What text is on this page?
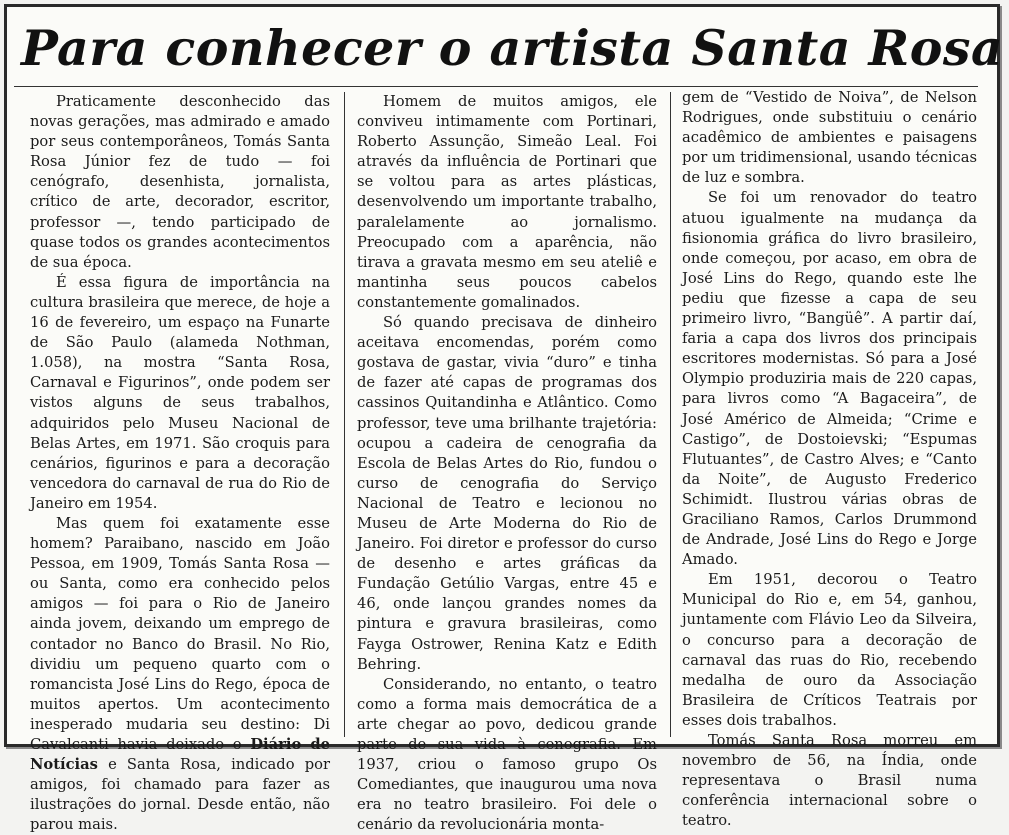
Para conhecer o artista Santa Rosa

Praticamente desconhecido das novas gerações, mas admirado e amado por seus contemporâneos, Tomás Santa Rosa Júnior fez de tudo — foi cenógrafo, desenhista, jornalista, crítico de arte, decorador, escritor, professor —, tendo participado de quase todos os grandes acontecimentos de sua época.

É essa figura de importância na cultura brasileira que merece, de hoje a 16 de fevereiro, um espaço na Funarte de São Paulo (alameda Nothman, 1.058), na mostra “Santa Rosa, Carnaval e Figurinos”, onde podem ser vistos alguns de seus trabalhos, adquiridos pelo Museu Nacional de Belas Artes, em 1971. São croquis para cenários, figurinos e para a decoração vencedora do carnaval de rua do Rio de Janeiro em 1954.

Mas quem foi exatamente esse homem? Paraibano, nascido em João Pessoa, em 1909, Tomás Santa Rosa — ou Santa, como era conhecido pelos amigos — foi para o Rio de Janeiro ainda jovem, deixando um emprego de contador no Banco do Brasil. No Rio, dividiu um pequeno quarto com o romancista José Lins do Rego, época de muitos apertos. Um acontecimento inesperado mudaria seu destino: Di Cavalcanti havia deixado o Diário de Notícias e Santa Rosa, indicado por amigos, foi chamado para fazer as ilustrações do jornal. Desde então, não parou mais.

Homem de muitos amigos, ele conviveu intimamente com Portinari, Roberto Assunção, Simeão Leal. Foi através da influência de Portinari que se voltou para as artes plásticas, desenvolvendo um importante trabalho, paralelamente ao jornalismo. Preocupado com a aparência, não tirava a gravata mesmo em seu ateliê e mantinha seus poucos cabelos constantemente gomalinados.

Só quando precisava de dinheiro aceitava encomendas, porém como gostava de gastar, vivia “duro” e tinha de fazer até capas de programas dos cassinos Quitandinha e Atlântico. Como professor, teve uma brilhante trajetória: ocupou a cadeira de cenografia da Escola de Belas Artes do Rio, fundou o curso de cenografia do Serviço Nacional de Teatro e lecionou no Museu de Arte Moderna do Rio de Janeiro. Foi diretor e professor do curso de desenho e artes gráficas da Fundação Getúlio Vargas, entre 45 e 46, onde lançou grandes nomes da pintura e gravura brasileiras, como Fayga Ostrower, Renina Katz e Edith Behring.

Considerando, no entanto, o teatro como a forma mais democrática de a arte chegar ao povo, dedicou grande parte de sua vida à cenografia. Em 1937, criou o famoso grupo Os Comediantes, que inaugurou uma nova era no teatro brasileiro. Foi dele o cenário da revolucionária monta-

gem de “Vestido de Noiva”, de Nelson Rodrigues, onde substituiu o cenário acadêmico de ambientes e paisagens por um tridimensional, usando técnicas de luz e sombra.

Se foi um renovador do teatro atuou igualmente na mudança da fisionomia gráfica do livro brasileiro, onde começou, por acaso, em obra de José Lins do Rego, quando este lhe pediu que fizesse a capa de seu primeiro livro, “Bangüê”. A partir daí, faria a capa dos livros dos principais escritores modernistas. Só para a José Olympio produziria mais de 220 capas, para livros como “A Bagaceira”, de José Américo de Almeida; “Crime e Castigo”, de Dostoievski; “Espumas Flutuantes”, de Castro Alves; e “Canto da Noite”, de Augusto Frederico Schimidt. Ilustrou várias obras de Graciliano Ramos, Carlos Drummond de Andrade, José Lins do Rego e Jorge Amado.

Em 1951, decorou o Teatro Municipal do Rio e, em 54, ganhou, juntamente com Flávio Leo da Silveira, o concurso para a decoração de carnaval das ruas do Rio, recebendo medalha de ouro da Associação Brasileira de Críticos Teatrais por esses dois trabalhos.

Tomás Santa Rosa morreu em novembro de 56, na Índia, onde representava o Brasil numa conferência internacional sobre o teatro.
